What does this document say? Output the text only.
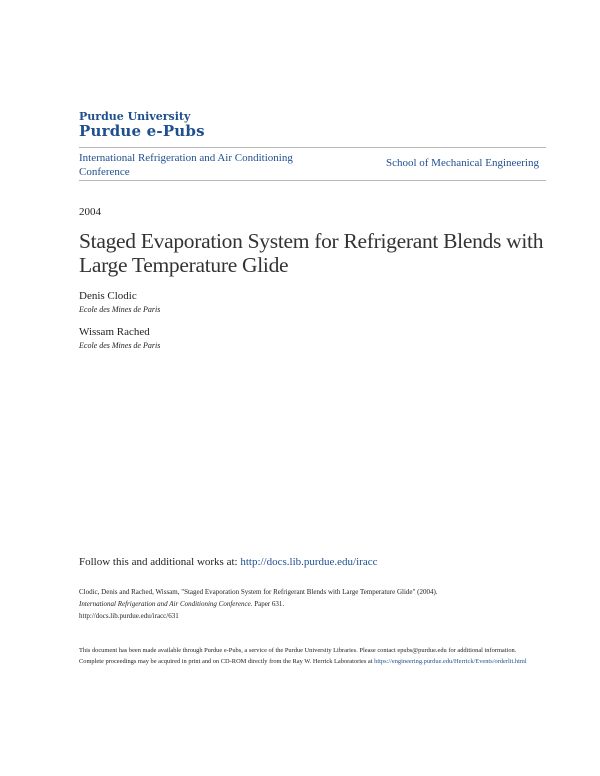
Purdue University
Purdue e-Pubs
International Refrigeration and Air Conditioning Conference
School of Mechanical Engineering
2004
Staged Evaporation System for Refrigerant Blends with Large Temperature Glide
Denis Clodic
Ecole des Mines de Paris
Wissam Rached
Ecole des Mines de Paris
Follow this and additional works at: http://docs.lib.purdue.edu/iracc
Clodic, Denis and Rached, Wissam, "Staged Evaporation System for Refrigerant Blends with Large Temperature Glide" (2004).
International Refrigeration and Air Conditioning Conference. Paper 631.
http://docs.lib.purdue.edu/iracc/631
This document has been made available through Purdue e-Pubs, a service of the Purdue University Libraries. Please contact epubs@purdue.edu for additional information.
Complete proceedings may be acquired in print and on CD-ROM directly from the Ray W. Herrick Laboratories at https://engineering.purdue.edu/Herrick/Events/orderlit.html
